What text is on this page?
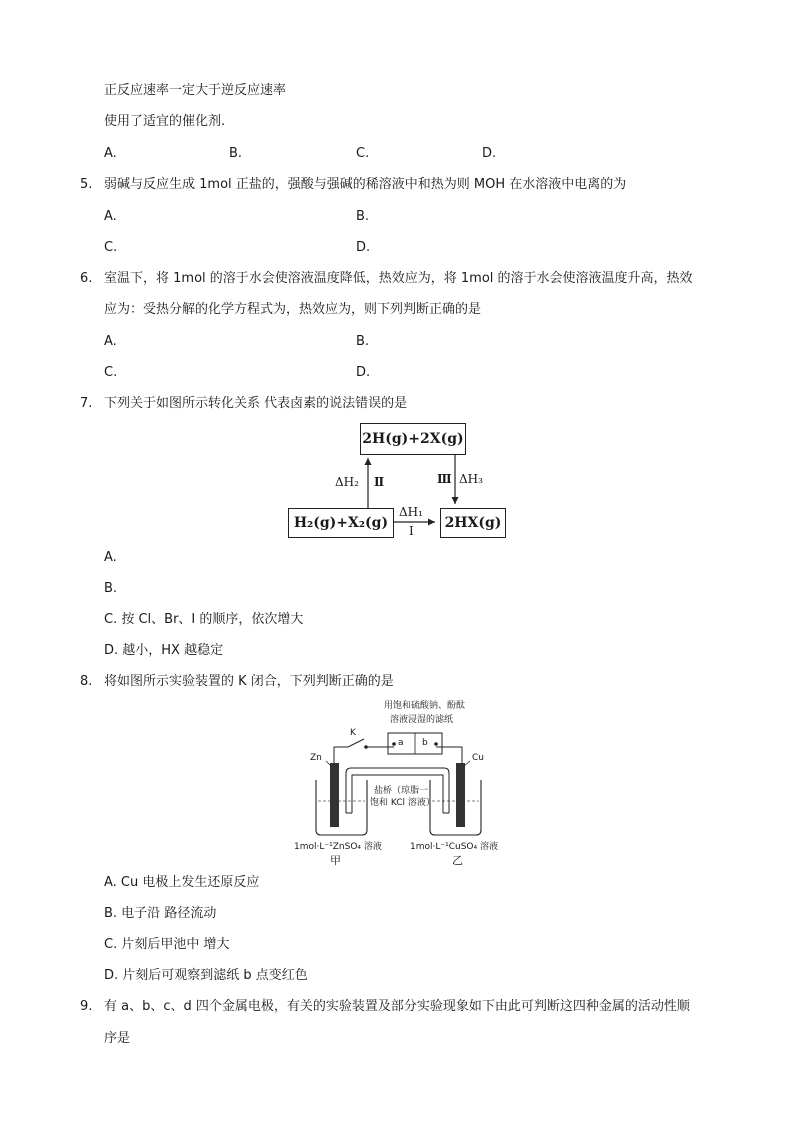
正反应速率一定大于逆反应速率
使用了适宜的催化剂.
A.	B.	C.	D.
5. 弱碱与反应生成 1mol 正盐的，强酸与强碱的稀溶液中和热为则 MOH 在水溶液中电离的为
A.	B.
C.	D.
6. 室温下，将 1mol 的溶于水会使溶液温度降低，热效应为，将 1mol 的溶于水会使溶液温度升高，热效
应为：受热分解的化学方程式为，热效应为，则下列判断正确的是
A.	B.
C.	D.
7. 下列关于如图所示转化关系 代表卤素的说法错误的是
2H(g)+2X(g)
H₂(g)+X₂(g)	2HX(g)
ΔH₂ Ⅱ	Ⅲ ΔH₃
ΔH₁
I
A.
B.
C. 按 Cl、Br、I 的顺序，依次增大
D. 越小，HX 越稳定
8. 将如图所示实验装置的 K 闭合，下列判断正确的是
用饱和硫酸钠、酚酞
溶液浸湿的滤纸
K
a b
Zn	Cu
盐桥（琼脂一
饱和 KCl 溶液）
1mol·L⁻¹ZnSO₄ 溶液	1mol·L⁻¹CuSO₄ 溶液
甲	乙
A. Cu 电极上发生还原反应
B. 电子沿 路径流动
C. 片刻后甲池中 增大
D. 片刻后可观察到滤纸 b 点变红色
9. 有 a、b、c、d 四个金属电极，有关的实验装置及部分实验现象如下由此可判断这四种金属的活动性顺
序是
